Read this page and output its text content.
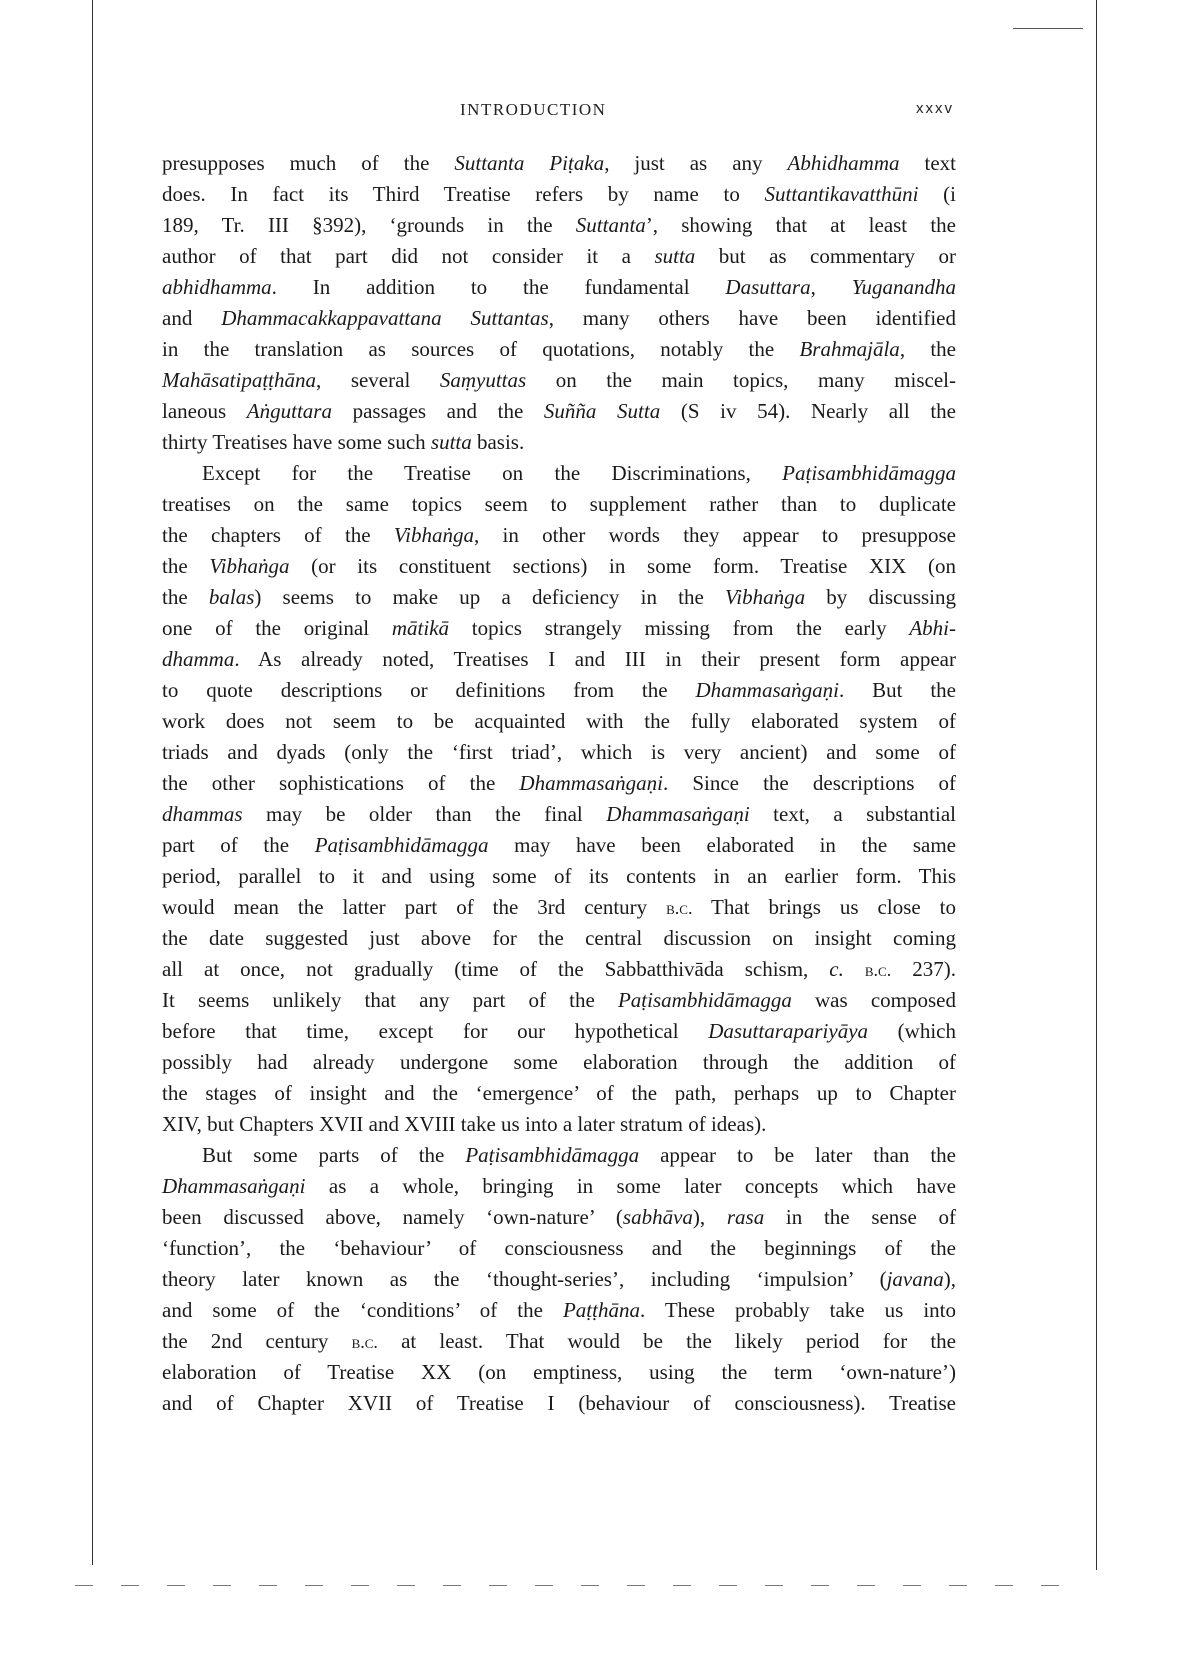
INTRODUCTION	xxxv
presupposes much of the Suttanta Piṭaka, just as any Abhidhamma text
does. In fact its Third Treatise refers by name to Suttantikavatthūni (i
189, Tr. III §392), ‘grounds in the Suttanta’, showing that at least the
author of that part did not consider it a sutta but as commentary or
abhidhamma. In addition to the fundamental Dasuttara, Yuganandha
and Dhammacakkappavattana Suttantas, many others have been identified
in the translation as sources of quotations, notably the Brahmajāla, the
Mahāsatipaṭṭhāna, several Saṃyuttas on the main topics, many miscel-
laneous Aṅguttara passages and the Suñña Sutta (S iv 54). Nearly all the
thirty Treatises have some such sutta basis.
Except for the Treatise on the Discriminations, Paṭisambhidāmagga
treatises on the same topics seem to supplement rather than to duplicate
the chapters of the Vibhaṅga, in other words they appear to presuppose
the Vibhaṅga (or its constituent sections) in some form. Treatise XIX (on
the balas) seems to make up a deficiency in the Vibhaṅga by discussing
one of the original mātikā topics strangely missing from the early Abhi-
dhamma. As already noted, Treatises I and III in their present form appear
to quote descriptions or definitions from the Dhammasaṅgaṇi. But the
work does not seem to be acquainted with the fully elaborated system of
triads and dyads (only the ‘first triad’, which is very ancient) and some of
the other sophistications of the Dhammasaṅgaṇi. Since the descriptions of
dhammas may be older than the final Dhammasaṅgaṇi text, a substantial
part of the Paṭisambhidāmagga may have been elaborated in the same
period, parallel to it and using some of its contents in an earlier form. This
would mean the latter part of the 3rd century b.c. That brings us close to
the date suggested just above for the central discussion on insight coming
all at once, not gradually (time of the Sabbatthivāda schism, c. b.c. 237).
It seems unlikely that any part of the Paṭisambhidāmagga was composed
before that time, except for our hypothetical Dasuttarapariyāya (which
possibly had already undergone some elaboration through the addition of
the stages of insight and the ‘emergence’ of the path, perhaps up to Chapter
XIV, but Chapters XVII and XVIII take us into a later stratum of ideas).
But some parts of the Paṭisambhidāmagga appear to be later than the
Dhammasaṅgaṇi as a whole, bringing in some later concepts which have
been discussed above, namely ‘own-nature’ (sabhāva), rasa in the sense of
‘function’, the ‘behaviour’ of consciousness and the beginnings of the
theory later known as the ‘thought-series’, including ‘impulsion’ (javana),
and some of the ‘conditions’ of the Paṭṭhāna. These probably take us into
the 2nd century b.c. at least. That would be the likely period for the
elaboration of Treatise XX (on emptiness, using the term ‘own-nature’)
and of Chapter XVII of Treatise I (behaviour of consciousness). Treatise
